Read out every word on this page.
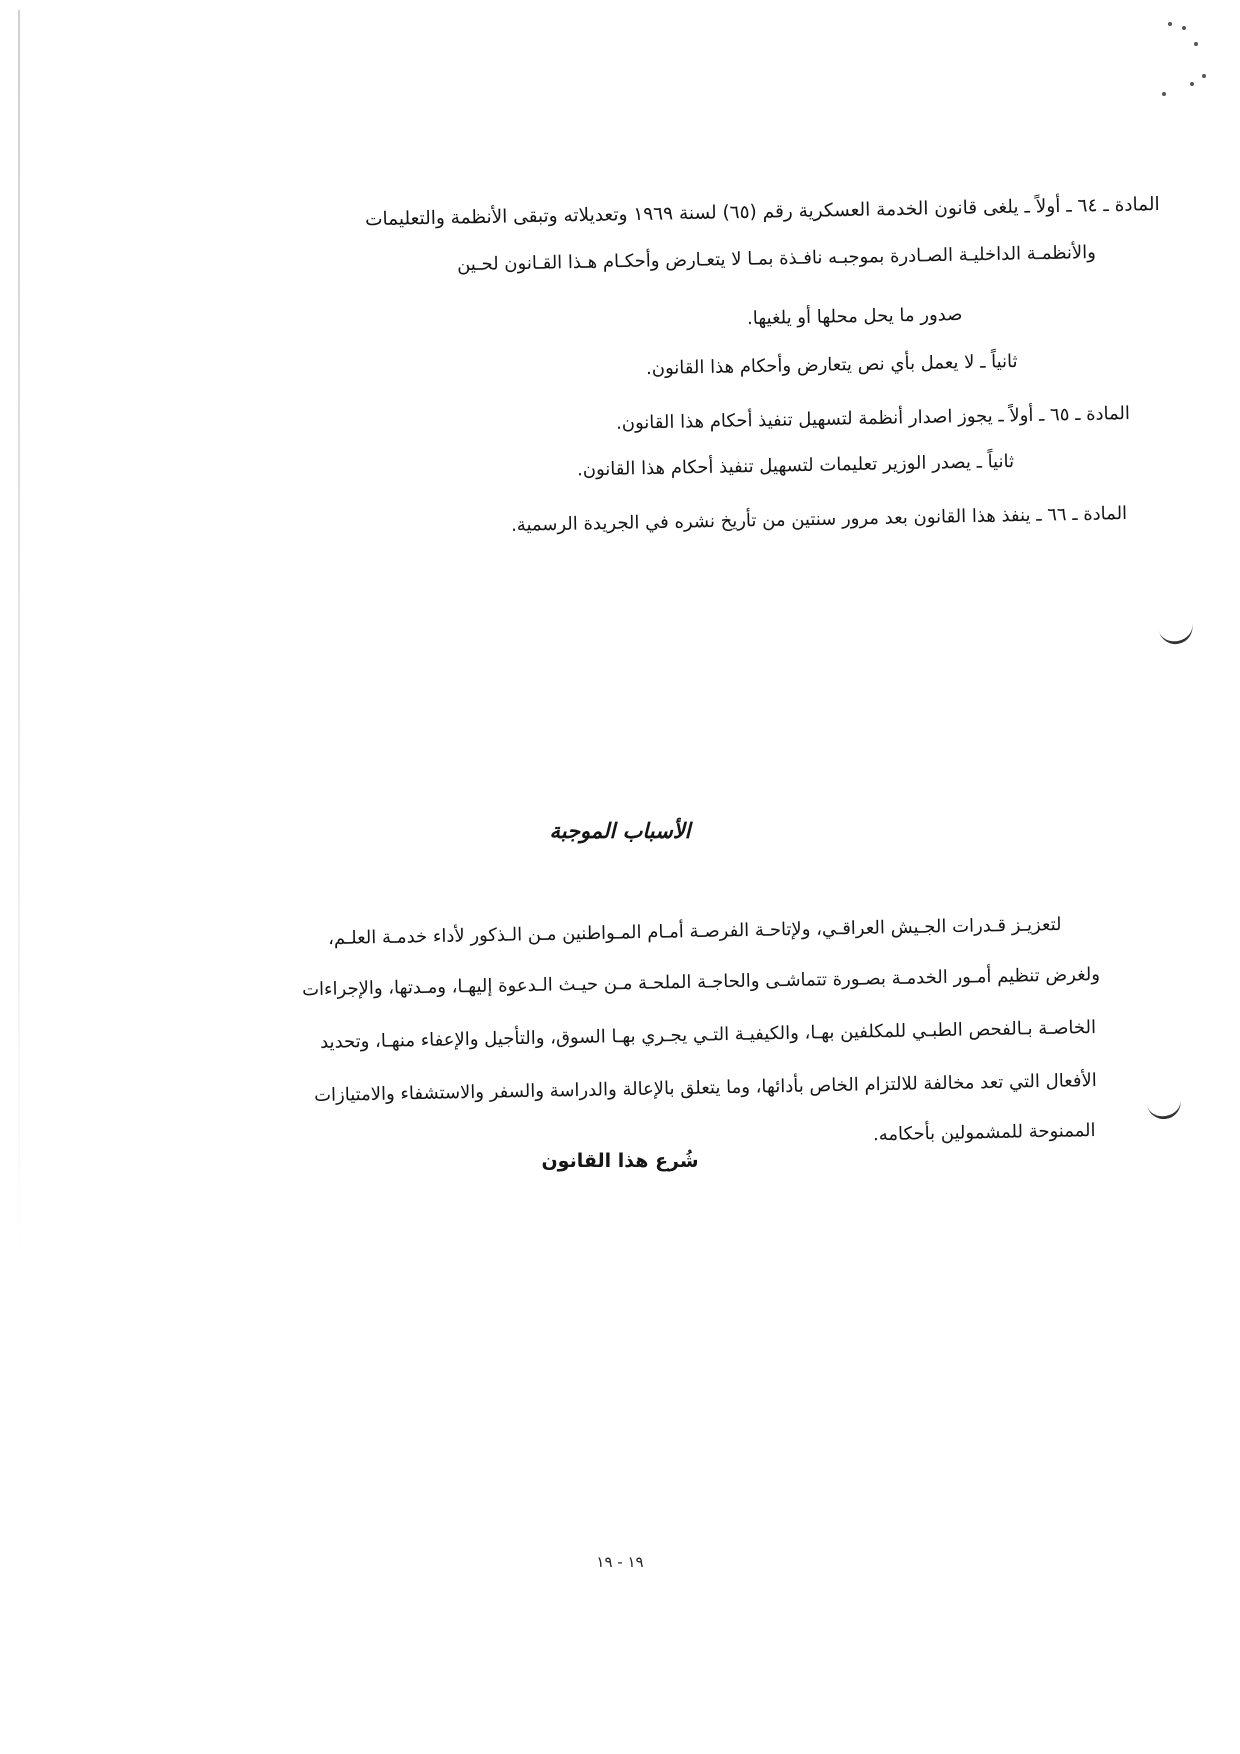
المادة ـ ٦٤ ـ أولاً ـ يلغى قانون الخدمة العسكرية رقم (٦٥) لسنة ١٩٦٩ وتعديلاته وتبقى الأنظمة والتعليمات
والأنظمـة الداخليـة الصـادرة بموجبـه نافـذة بمـا لا يتعـارض وأحكـام هـذا القـانون لحـين
صدور ما يحل محلها أو يلغيها.
ثانياً ـ لا يعمل بأي نص يتعارض وأحكام هذا القانون.
المادة ـ ٦٥ ـ أولاً ـ يجوز اصدار أنظمة لتسهيل تنفيذ أحكام هذا القانون.
ثانياً ـ يصدر الوزير تعليمات لتسهيل تنفيذ أحكام هذا القانون.
المادة ـ ٦٦ ـ ينفذ هذا القانون بعد مرور سنتين من تأريخ نشره في الجريدة الرسمية.
الأسباب الموجبة
لتعزيـز قـدرات الجـيش العراقـي، ولإتاحـة الفرصـة أمـام المـواطنين مـن الـذكور لأداء خدمـة العلـم،
ولغرض تنظيم أمـور الخدمـة بصـورة تتماشـى والحاجـة الملحـة مـن حيـث الـدعوة إليهـا، ومـدتها، والإجراءات
الخاصـة بـالفحص الطبـي للمكلفين بهـا، والكيفيـة التـي يجـري بهـا السوق، والتأجيل والإعفاء منهـا، وتحديد
الأفعال التي تعد مخالفة للالتزام الخاص بأدائها، وما يتعلق بالإعالة والدراسة والسفر والاستشفاء والامتيازات
الممنوحة للمشمولين بأحكامه.
شُرع هذا القانون
١٩ - ١٩
